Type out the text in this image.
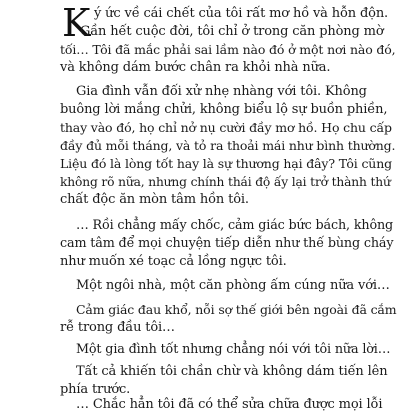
K ý ức về cái chết của tôi rất mơ hồ và hỗn độn.
Gần hết cuộc đời, tôi chỉ ở trong căn phòng mờ
tối… Tôi đã mắc phải sai lầm nào đó ở một nơi nào đó,
và không dám bước chân ra khỏi nhà nữa.
Gia đình vẫn đối xử nhẹ nhàng với tôi. Không
buông lời mắng chửi, không biểu lộ sự buồn phiền,
thay vào đó, họ chỉ nở nụ cười đầy mơ hồ. Họ chu cấp
đầy đủ mỗi tháng, và tỏ ra thoải mái như bình thường.
Liệu đó là lòng tốt hay là sự thương hại đây? Tôi cũng
không rõ nữa, nhưng chính thái độ ấy lại trở thành thứ
chất độc ăn mòn tâm hồn tôi.
… Rồi chẳng mấy chốc, cảm giác bức bách, không
cam tâm để mọi chuyện tiếp diễn như thế bùng cháy
như muốn xé toạc cả lồng ngực tôi.
Một ngôi nhà, một căn phòng ấm cúng nữa với…
Cảm giác đau khổ, nỗi sợ thế giới bên ngoài đã cắm
rễ trong đầu tôi…
Một gia đình tốt nhưng chẳng nói với tôi nữa lời…
Tất cả khiến tôi chần chừ và không dám tiến lên
phía trước.
… Chắc hẳn tôi đã có thể sửa chữa được mọi lỗi
